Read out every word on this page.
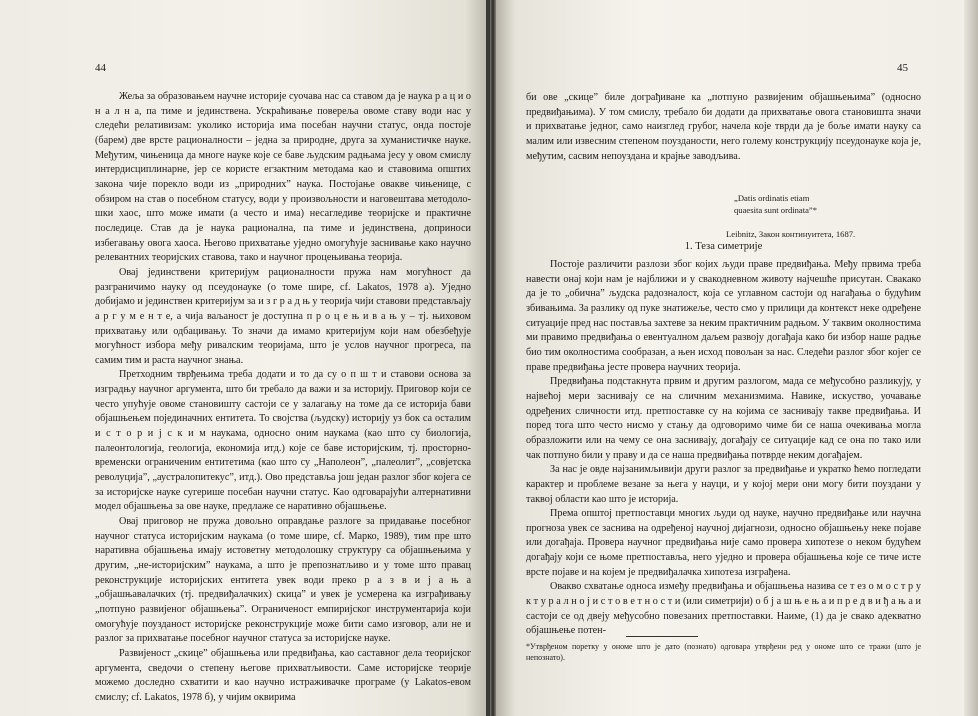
44

Жеља за образовањем научне историје суочава нас са ставом да је нaука р а ц и о н а л н а, па тиме и јединствена. Ускраћивање повереља овоме ставу води нас у следећи релативизам: уколико историја има посебан научни статус, онда постоје (барем) две врсте рационалности – једна за природне, друга за хуманистичке науке. Међутим, чињеница да многе науке које се баве људским радњама јесу у овом смислу интердисциплинарне, јер се користе егзактним методама као и ставовима општих закона чије порекло води из „природних” наука. Постојање овакве чињенице, с обзиром на став о посебном статусу, води у произвољности и наговештава методолошки хаос, што може имати (а често и има) несагледиве теоријске и практичне последице. Став да је наука рационална, па тиме и јединствена, доприноси избегавању овога хаоса. Његово прихватање уједно омогућује заснивање како научно релевантних теоријских ставова, тако и научног процењивања теорија.

Овај јединствени критеријум рационалности пружа нам могућност да разграничимо науку од псеудонауке (о томе шире, cf. Lakatos, 1978 a). Уједно добијамо и јединствен критеријум за и з г р а д њ у теорија чији ставови представљају а р г у м е н т е, а чија ваљаност је доступна п р о ц е њ и в а њ у – тј. њиховом прихватању или одбацивању. То значи да имамо критеријум који нам обезбеђује могућност избора међу ривалским теоријама, што је услов научног прогреса, па самим тим и раста научног знања.

Претходним тврђењима треба додати и то да су о п ш т и ставови основа за изградњу научног аргумента, што би требало да важи и за историју. Приговор који се често упућује овоме становишту састоји се у залагању на томе да се историја бави објашњењем појединачних ентитета. То својства (људску) историју уз бок са осталим и с т о р и ј с к и м наукама, односно оним наукама (као што су биологија, палеонтологија, геологија, економија итд.) које се баве историјским, тј. просторно-временски ограниченим ентитетима (као што су „Наполеон”, „палеолит”, „совјетска револуција”, „аустралопитекус”, итд.). Ово представља још један разлог због којега се за историјске науке сугерише посебан научни статус. Као одговарајући алтернативни модел објашњења за ове науке, предлаже се наративно објашњење.

Овај приговор не пружа довољно оправдање разлоге за придавање посебног научног статуса историјским наукама (о томе шире, cf. Марко, 1989), тим пре што наративна објашњења имају истоветну методолошку структуру са објашњењима у другим, „не-историјским” наукама, а што је препознатљиво и у томе што правац реконструкције историјских ентитета увек води преко р а з в и ј а њ а „објашњавалачких (тј. предвиђалачких) скица” и увек је усмерена ка изграђивању „потпуно развијеног објашњења”. Ограниченост емпиријског инструментарија који омогућује поузданост историјске реконструкције може бити само изговор, али не и разлог за прихватање посебног научног статуса за историјске науке.

Развијеност „скице” објашњења или предвиђања, као саставног дела теоријског аргумента, сведочи о степену његове прихватљивости. Саме историјске теорије можемо доследно схватити и као научно истраживачке програме (у Lakatos-евом смислу; cf. Lakatos, 1978 б), у чијим оквирима

45

би ове „скице” биле дограђиване ка „потпуно развијеним објашњењима” (односно предвиђањима). У том смислу, требало би додати да прихватање овога становишта значи и прихватање једног, само наизглед грубог, начела које тврди да је боље имати науку са малим или извесним степеном поузданости, него голему конструкцију псеудонауке која је, међутим, сасвим непоуздана и крајње заводљива.

„Datis ordinatis etiam
quaesita sunt ordinata”*
Leibnitz, Закон континуитета, 1687.
1. Теза симетрије

Постоје различити разлози због којих људи праве предвиђања. Међу првима треба навести онај који нам је најближи и у свакодневном животу најчешће присутан. Свакако да је то „обична” људска радозналост, која се углавном састоји од нагађања о будућим збивањима. За разлику од пуке знатижеље, често смо у прилици да контекст некe одређене ситуације пред нас постављa захтеве за неким практичним радњом. У таквим околностима ми правимо предвиђања о евентуалном даљем развоју догађаја како би избор наше радње био тим околностима сообразан, а њен исход повољан за нас. Следећи разлог због којег се праве предвиђања јесте провера научних теорија.

Предвиђања подстакнута првим и другим разлогом, мада се међусобно разликују, у највећој мери заснивају се на сличним механизмима. Навике, искуство, уочавање одређених сличности итд. претпоставке су на којима се заснивају такве предвиђања. И поред тога што често нисмо у стању да одговоримо чиме би се наша очекивања могла образложити или на чему се она заснивају, догађају се ситуације кад се она по тако или чак потпуно били у праву и да се наша предвиђања потврде неким догађајем.

За нас је овде најзанимљивији други разлог за предвиђање и укратко ћемо погледати карактер и проблеме везане за њега у науци, и у којој мери они могу бити поуздани у таквој области као што је историја.

Према општој претпоставци многих људи од науке, научно предвиђање или научна прогноза увек се заснива на одређеној научној дијагнози, односно објашњењу неке појаве или догађаја. Провера научног предвиђања није само провера хипотезе о неком будућем догађају који се њоме претпостављa, него уједно и провера објашњења које се тиче исте врсте појаве и на којем је предвиђалачка хипотеза изграђена.

Овакво схватање односа између предвиђања и објашњења назива се т ез о м о с т р у к т у р а л н о ј и с т о в е т н о с т и (или симетрији) о б ј а ш њ е њ а и п р е д в и ђ а њ а и састоји се од двеју међусобно повезаних претпоставки. Наиме, (1) да је свако адекватно објашњење потен-

*Утврђеном поретку у ономе што је дато (познато) одговара утврђени ред у ономе што се тражи (што је непознато).
